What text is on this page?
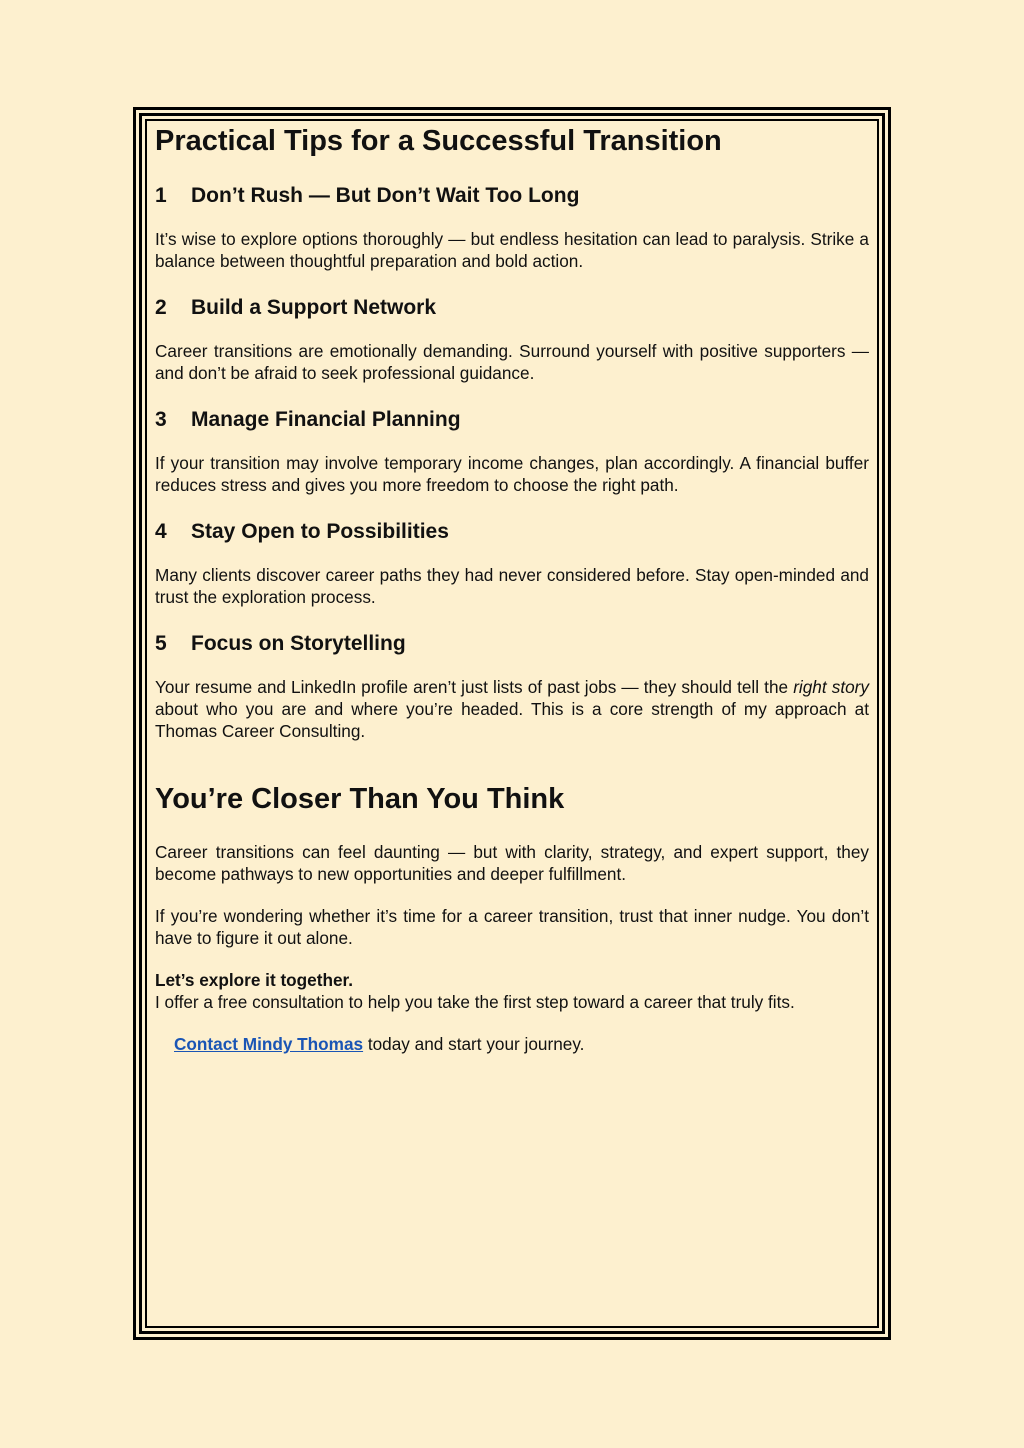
Practical Tips for a Successful Transition
1	Don’t Rush — But Don’t Wait Too Long

It’s wise to explore options thoroughly — but endless hesitation can lead to paralysis. Strike a balance between thoughtful preparation and bold action.

2	Build a Support Network

Career transitions are emotionally demanding. Surround yourself with positive supporters — and don’t be afraid to seek professional guidance.

3	Manage Financial Planning

If your transition may involve temporary income changes, plan accordingly. A financial buffer reduces stress and gives you more freedom to choose the right path.

4	Stay Open to Possibilities

Many clients discover career paths they had never considered before. Stay open-minded and trust the exploration process.

5	Focus on Storytelling

Your resume and LinkedIn profile aren’t just lists of past jobs — they should tell the right story about who you are and where you’re headed. This is a core strength of my approach at Thomas Career Consulting.

You’re Closer Than You Think

Career transitions can feel daunting — but with clarity, strategy, and expert support, they become pathways to new opportunities and deeper fulfillment.

If you’re wondering whether it’s time for a career transition, trust that inner nudge. You don’t have to figure it out alone.

Let’s explore it together.
I offer a free consultation to help you take the first step toward a career that truly fits.

Contact Mindy Thomas today and start your journey.
